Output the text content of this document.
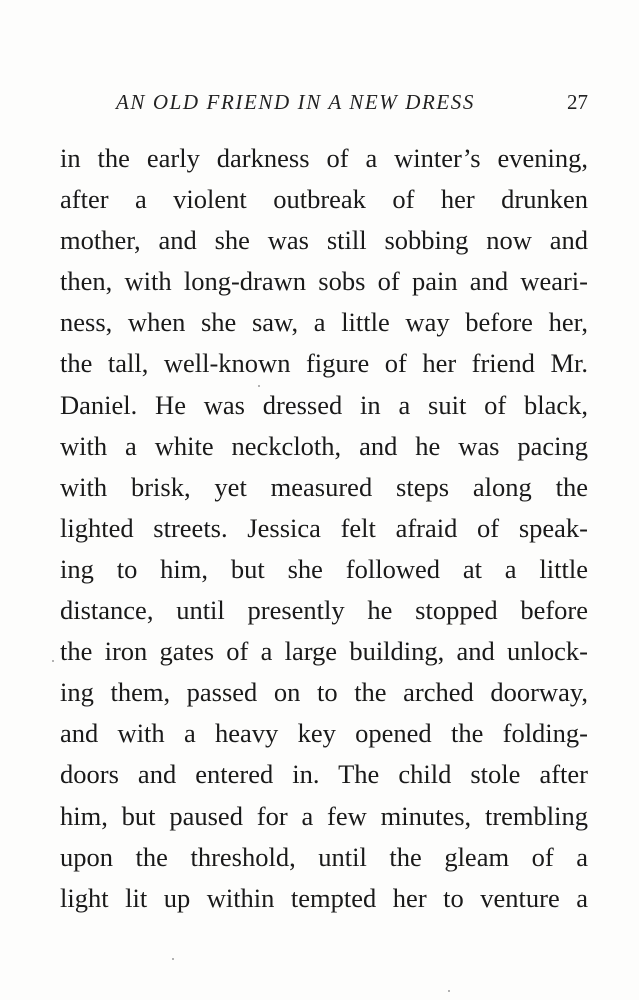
AN OLD FRIEND IN A NEW DRESS	27
in the early darkness of a winter’s evening,
after a violent outbreak of her drunken
mother, and she was still sobbing now and
then, with long-drawn sobs of pain and weari-
ness, when she saw, a little way before her,
the tall, well-known figure of her friend Mr.
Daniel. He was dressed in a suit of black,
with a white neckcloth, and he was pacing
with brisk, yet measured steps along the
lighted streets. Jessica felt afraid of speak-
ing to him, but she followed at a little
distance, until presently he stopped before
the iron gates of a large building, and unlock-
ing them, passed on to the arched doorway,
and with a heavy key opened the folding-
doors and entered in. The child stole after
him, but paused for a few minutes, trembling
upon the threshold, until the gleam of a
light lit up within tempted her to venture a
